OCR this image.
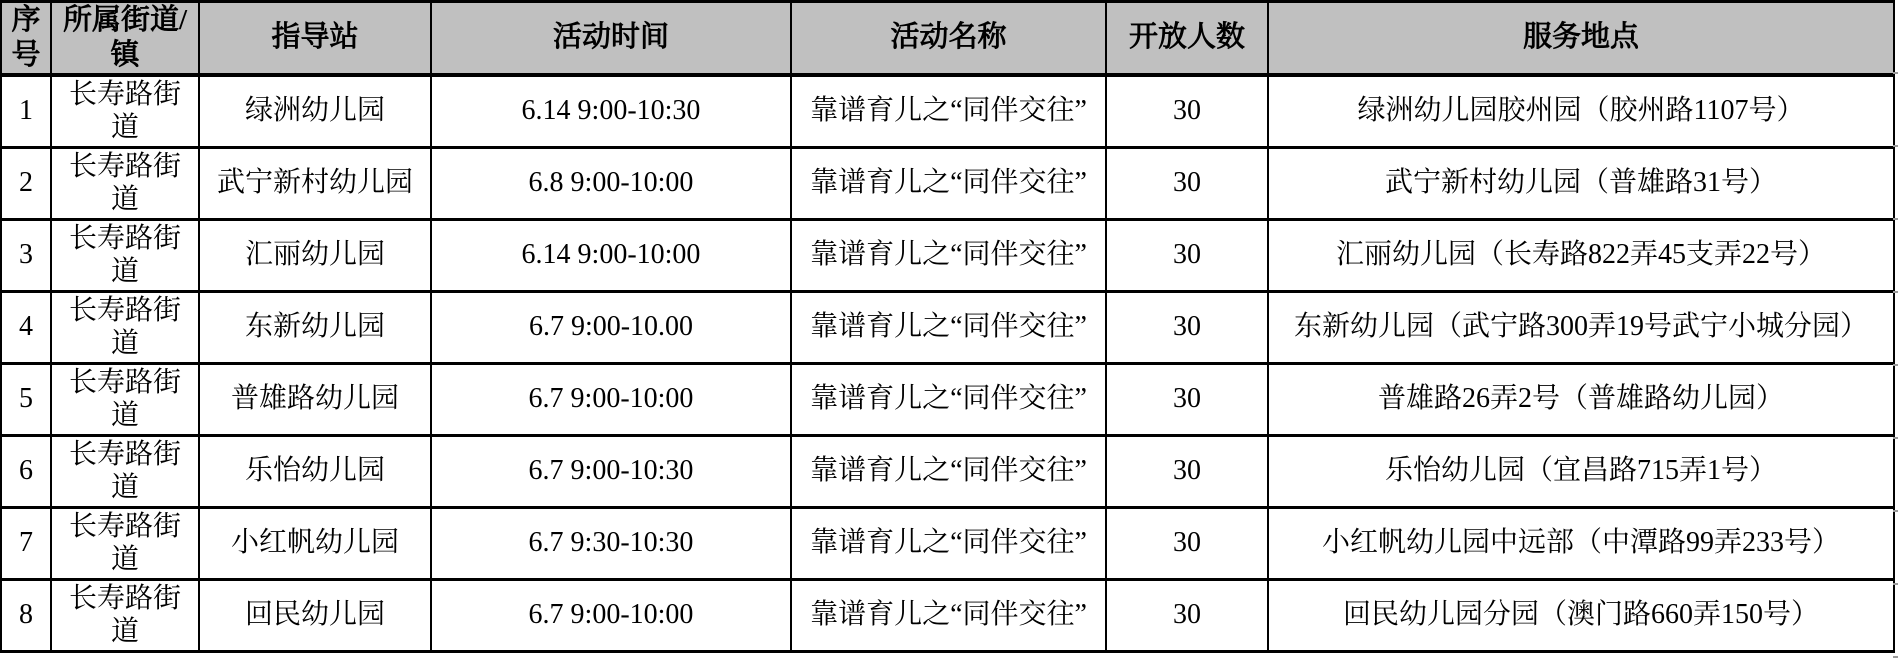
序号	所属街道/镇	指导站	活动时间	活动名称	开放人数	服务地点
1	长寿路街道	绿洲幼儿园	6.14 9:00-10:30	靠谱育儿之“同伴交往”	30	绿洲幼儿园胶州园（胶州路1107号）
2	长寿路街道	武宁新村幼儿园	6.8 9:00-10:00	靠谱育儿之“同伴交往”	30	武宁新村幼儿园（普雄路31号）
3	长寿路街道	汇丽幼儿园	6.14 9:00-10:00	靠谱育儿之“同伴交往”	30	汇丽幼儿园（长寿路822弄45支弄22号）
4	长寿路街道	东新幼儿园	6.7 9:00-10.00	靠谱育儿之“同伴交往”	30	东新幼儿园（武宁路300弄19号武宁小城分园）
5	长寿路街道	普雄路幼儿园	6.7 9:00-10:00	靠谱育儿之“同伴交往”	30	普雄路26弄2号（普雄路幼儿园）
6	长寿路街道	乐怡幼儿园	6.7 9:00-10:30	靠谱育儿之“同伴交往”	30	乐怡幼儿园（宜昌路715弄1号）
7	长寿路街道	小红帆幼儿园	6.7 9:30-10:30	靠谱育儿之“同伴交往”	30	小红帆幼儿园中远部（中潭路99弄233号）
8	长寿路街道	回民幼儿园	6.7 9:00-10:00	靠谱育儿之“同伴交往”	30	回民幼儿园分园（澳门路660弄150号）
